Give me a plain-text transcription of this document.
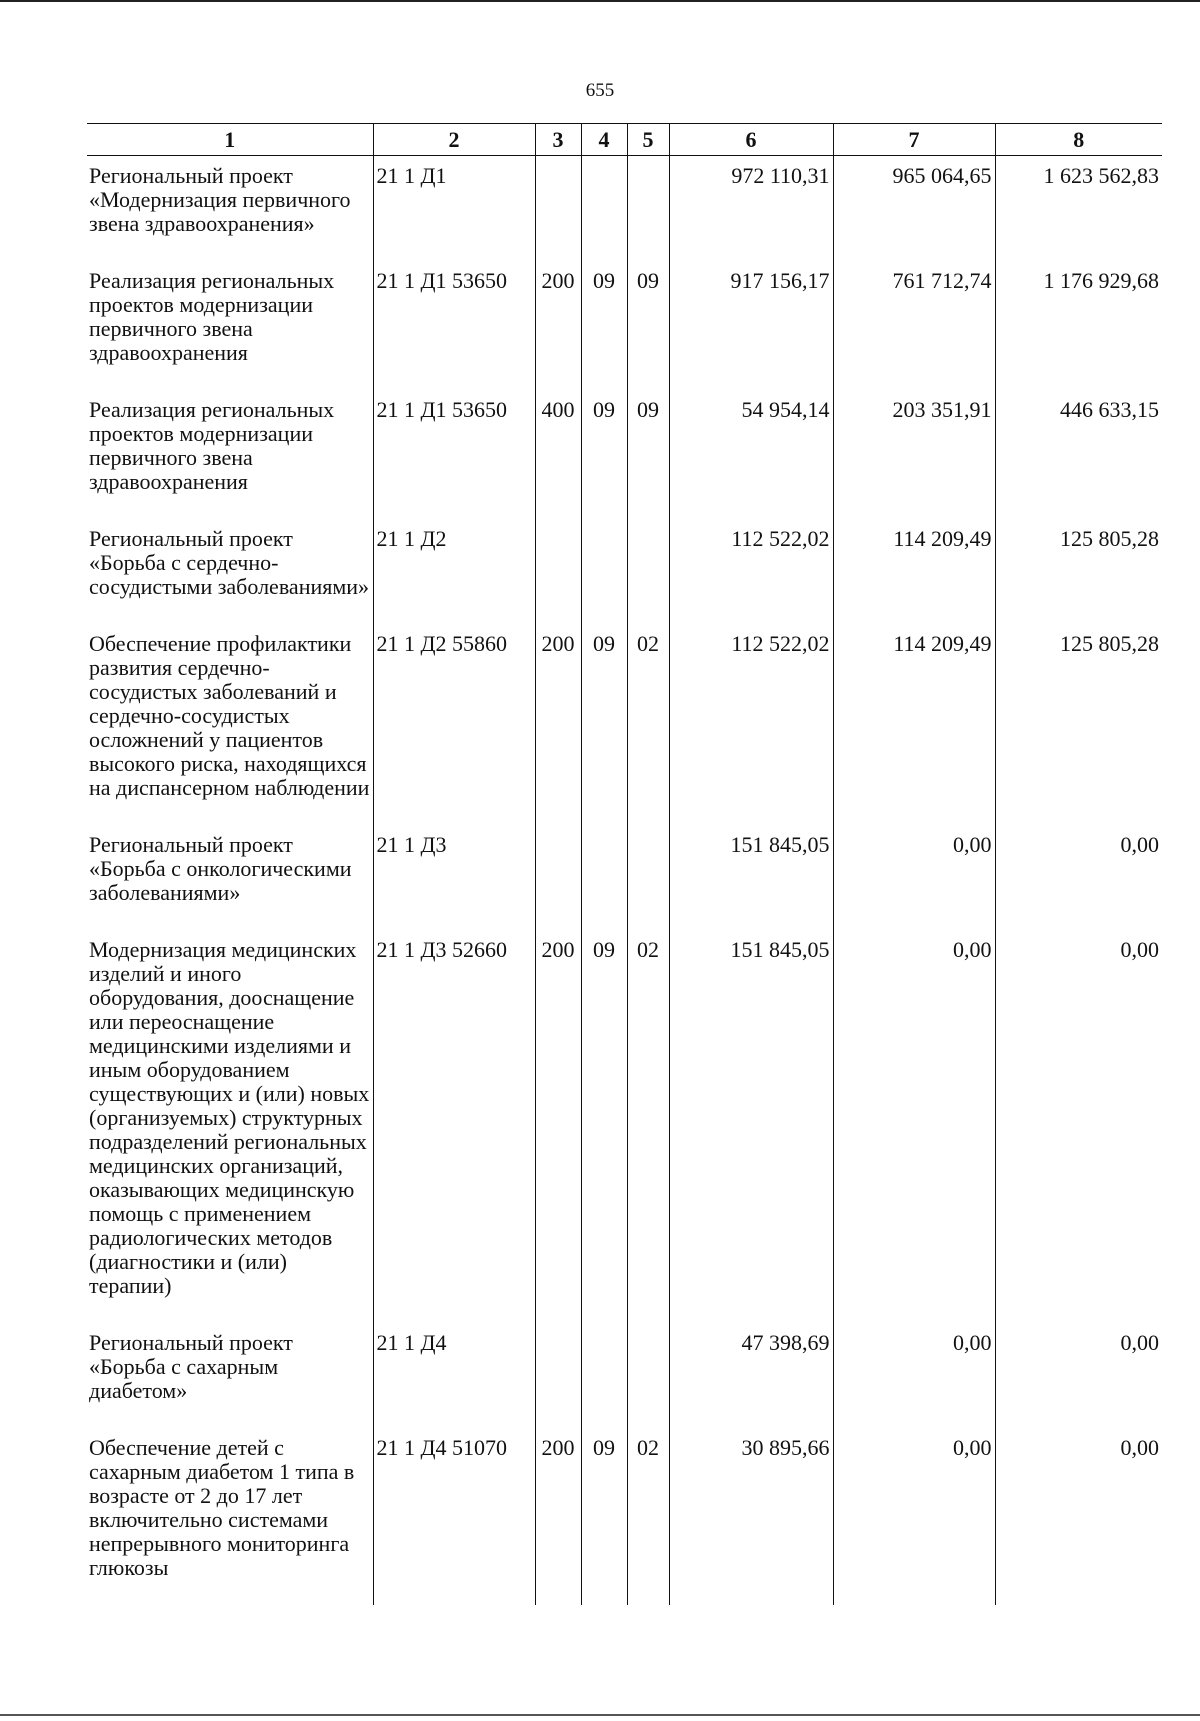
655
1	2	3	4	5	6	7	8
Региональный проект «Модернизация первичного звена здравоохранения»	21 1 Д1				972 110,31	965 064,65	1 623 562,83
Реализация региональных проектов модернизации первичного звена здравоохранения	21 1 Д1 53650	200	09	09	917 156,17	761 712,74	1 176 929,68
Реализация региональных проектов модернизации первичного звена здравоохранения	21 1 Д1 53650	400	09	09	54 954,14	203 351,91	446 633,15
Региональный проект «Борьба с сердечно-сосудистыми заболеваниями»	21 1 Д2				112 522,02	114 209,49	125 805,28
Обеспечение профилактики развития сердечно-сосудистых заболеваний и сердечно-сосудистых осложнений у пациентов высокого риска, находящихся на диспансерном наблюдении	21 1 Д2 55860	200	09	02	112 522,02	114 209,49	125 805,28
Региональный проект «Борьба с онкологическими заболеваниями»	21 1 Д3				151 845,05	0,00	0,00
Модернизация медицинских изделий и иного оборудования, дооснащение или переоснащение медицинскими изделиями и иным оборудованием существующих и (или) новых (организуемых) структурных подразделений региональных медицинских организаций, оказывающих медицинскую помощь с применением радиологических методов (диагностики и (или) терапии)	21 1 Д3 52660	200	09	02	151 845,05	0,00	0,00
Региональный проект «Борьба с сахарным диабетом»	21 1 Д4				47 398,69	0,00	0,00
Обеспечение детей с сахарным диабетом 1 типа в возрасте от 2 до 17 лет включительно системами непрерывного мониторинга глюкозы	21 1 Д4 51070	200	09	02	30 895,66	0,00	0,00
